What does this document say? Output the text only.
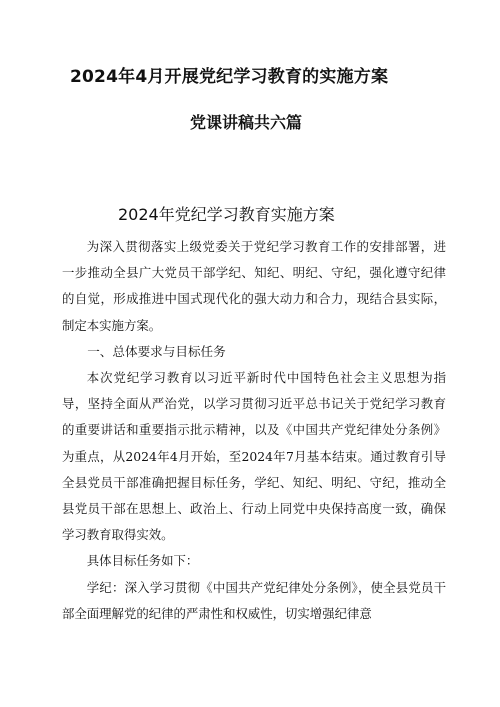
2024年4月开展党纪学习教育的实施方案
党课讲稿共六篇
2024年党纪学习教育实施方案

为深入贯彻落实上级党委关于党纪学习教育工作的安排部署，进一步推动全县广大党员干部学纪、知纪、明纪、守纪，强化遵守纪律的自觉，形成推进中国式现代化的强大动力和合力，现结合县实际，制定本实施方案。

一、总体要求与目标任务

本次党纪学习教育以习近平新时代中国特色社会主义思想为指导，坚持全面从严治党，以学习贯彻习近平总书记关于党纪学习教育的重要讲话和重要指示批示精神，以及《中国共产党纪律处分条例》为重点，从2024年4月开始，至2024年7月基本结束。通过教育引导全县党员干部准确把握目标任务，学纪、知纪、明纪、守纪，推动全县党员干部在思想上、政治上、行动上同党中央保持高度一致，确保学习教育取得实效。

具体目标任务如下：

学纪：深入学习贯彻《中国共产党纪律处分条例》，使全县党员干部全面理解党的纪律的严肃性和权威性，切实增强纪律意
